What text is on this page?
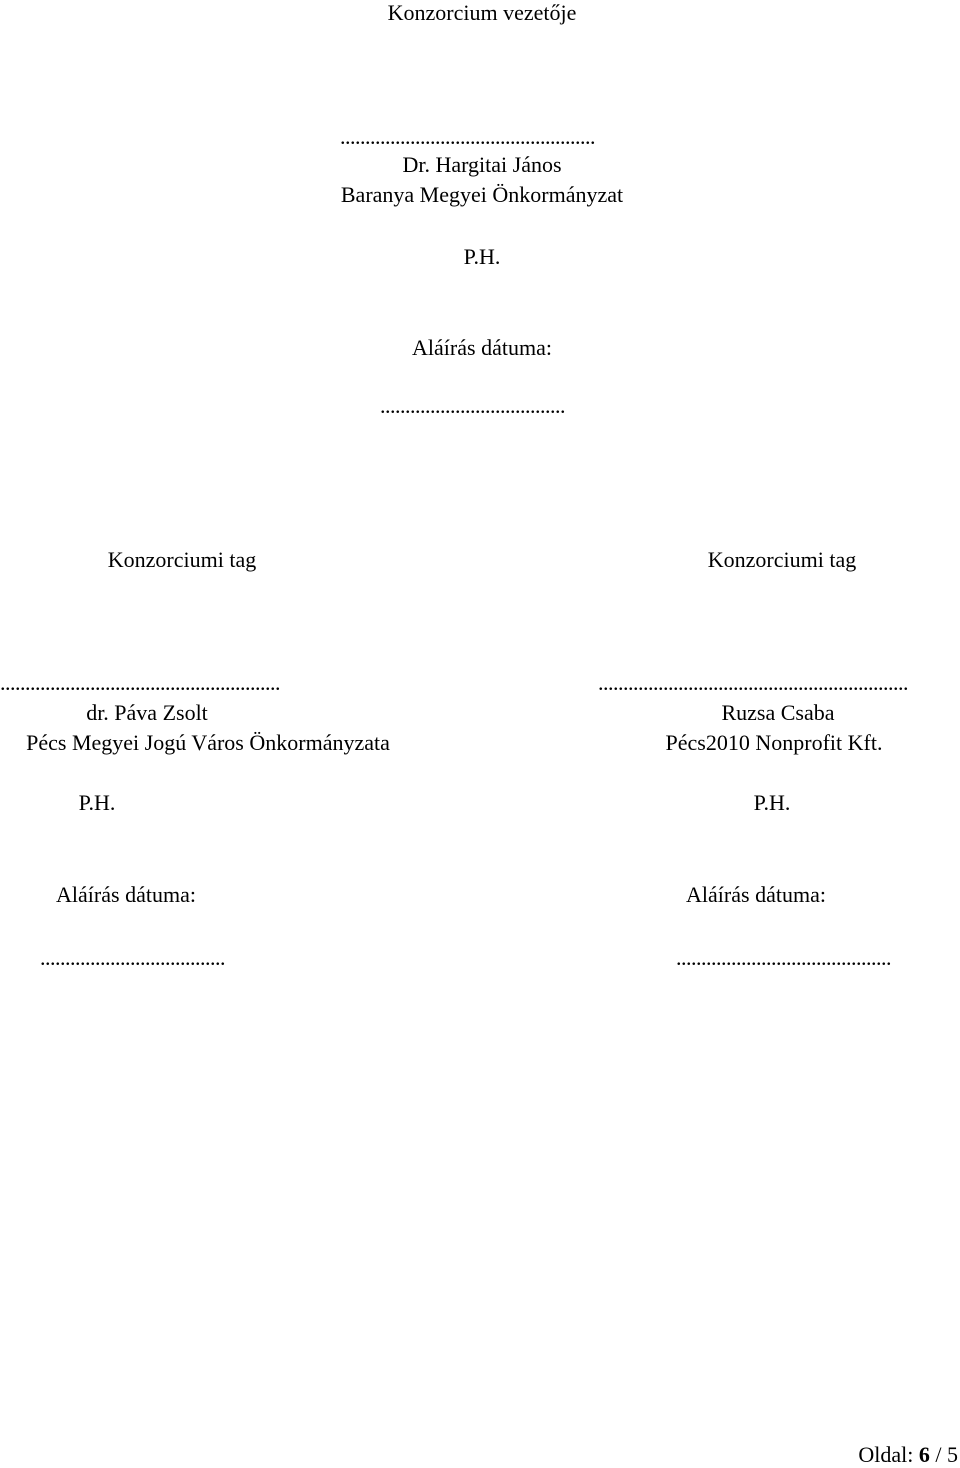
Konzorcium vezetője
...................................................
Dr. Hargitai János
Baranya Megyei Önkormányzat
P.H.
Aláírás dátuma:
.....................................
Konzorciumi tag
........................................................
dr. Páva Zsolt
Pécs Megyei Jogú Város Önkormányzata
P.H.
Aláírás dátuma:
.....................................
Konzorciumi tag
..............................................................
Ruzsa Csaba
Pécs2010 Nonprofit Kft.
P.H.
Aláírás dátuma:
...........................................
Oldal: 6 / 5
